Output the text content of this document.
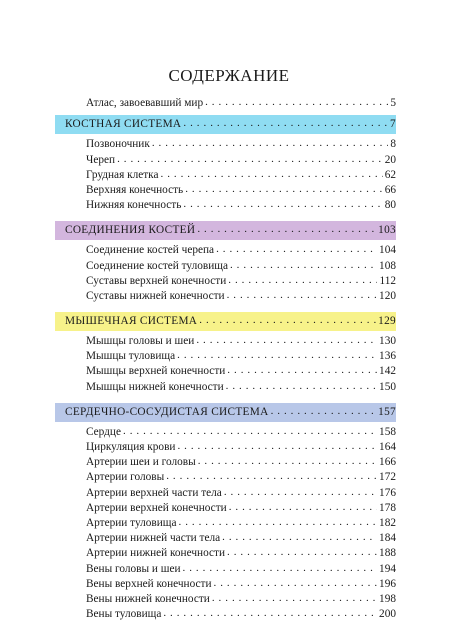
СОДЕРЖАНИЕ
Атлас, завоевавший мир . . .	5
КОСТНАЯ СИСТЕМА . . .	7
Позвоночник . . .	8
Череп . . .	20
Грудная клетка . . .	62
Верхняя конечность . . .	66
Нижняя конечность . . .	80
СОЕДИНЕНИЯ КОСТЕЙ . . .	103
Соединение костей черепа . . .	104
Соединение костей туловища . . .	108
Суставы верхней конечности . . .	112
Суставы нижней конечности . . .	120
МЫШЕЧНАЯ СИСТЕМА . . .	129
Мышцы головы и шеи . . .	130
Мышцы туловища . . .	136
Мышцы верхней конечности . . .	142
Мышцы нижней конечности . . .	150
СЕРДЕЧНО-СОСУДИСТАЯ СИСТЕМА . . .	157
Сердце . . .	158
Циркуляция крови . . .	164
Артерии шеи и головы . . .	166
Артерии головы . . .	172
Артерии верхней части тела . . .	176
Артерии верхней конечности . . .	178
Артерии туловища . . .	182
Артерии нижней части тела . . .	184
Артерии нижней конечности . . .	188
Вены головы и шеи . . .	194
Вены верхней конечности . . .	196
Вены нижней конечности . . .	198
Вены туловища . . .	200
